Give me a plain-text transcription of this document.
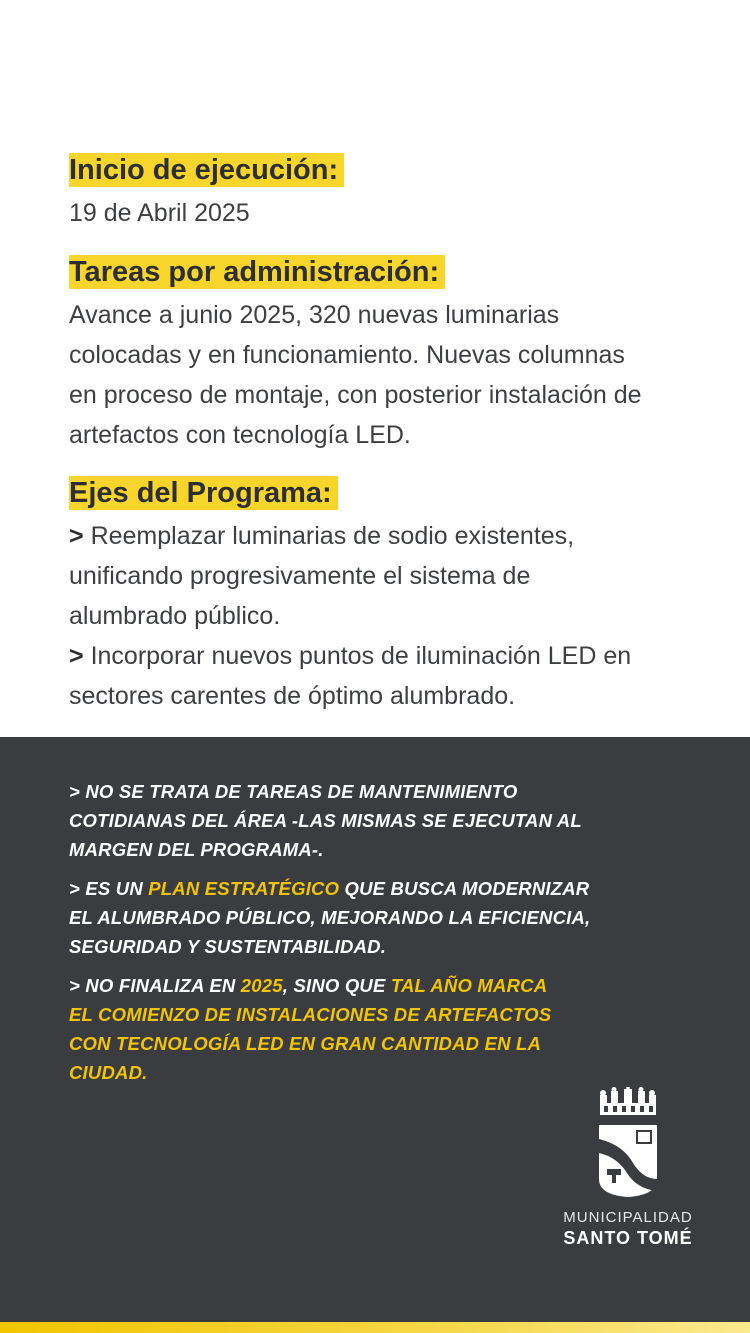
Inicio de ejecución:

19 de Abril 2025

Tareas por administración:

Avance a junio 2025, 320 nuevas luminarias

colocadas y en funcionamiento. Nuevas columnas

en proceso de montaje, con posterior instalación de

artefactos con tecnología LED.

Ejes del Programa:

> Reemplazar luminarias de sodio existentes,

unificando progresivamente el sistema de

alumbrado público.

> Incorporar nuevos puntos de iluminación LED en

sectores carentes de óptimo alumbrado.

> NO SE TRATA DE TAREAS DE MANTENIMIENTO
COTIDIANAS DEL ÁREA -LAS MISMAS SE EJECUTAN AL
MARGEN DEL PROGRAMA-.
> ES UN PLAN ESTRATÉGICO QUE BUSCA MODERNIZAR
EL ALUMBRADO PÚBLICO, MEJORANDO LA EFICIENCIA,
SEGURIDAD Y SUSTENTABILIDAD.
> NO FINALIZA EN 2025, SINO QUE TAL AÑO MARCA
EL COMIENZO DE INSTALACIONES DE ARTEFACTOS
CON TECNOLOGÍA LED EN GRAN CANTIDAD EN LA
CIUDAD.
MUNICIPALIDAD
SANTO TOMÉ
